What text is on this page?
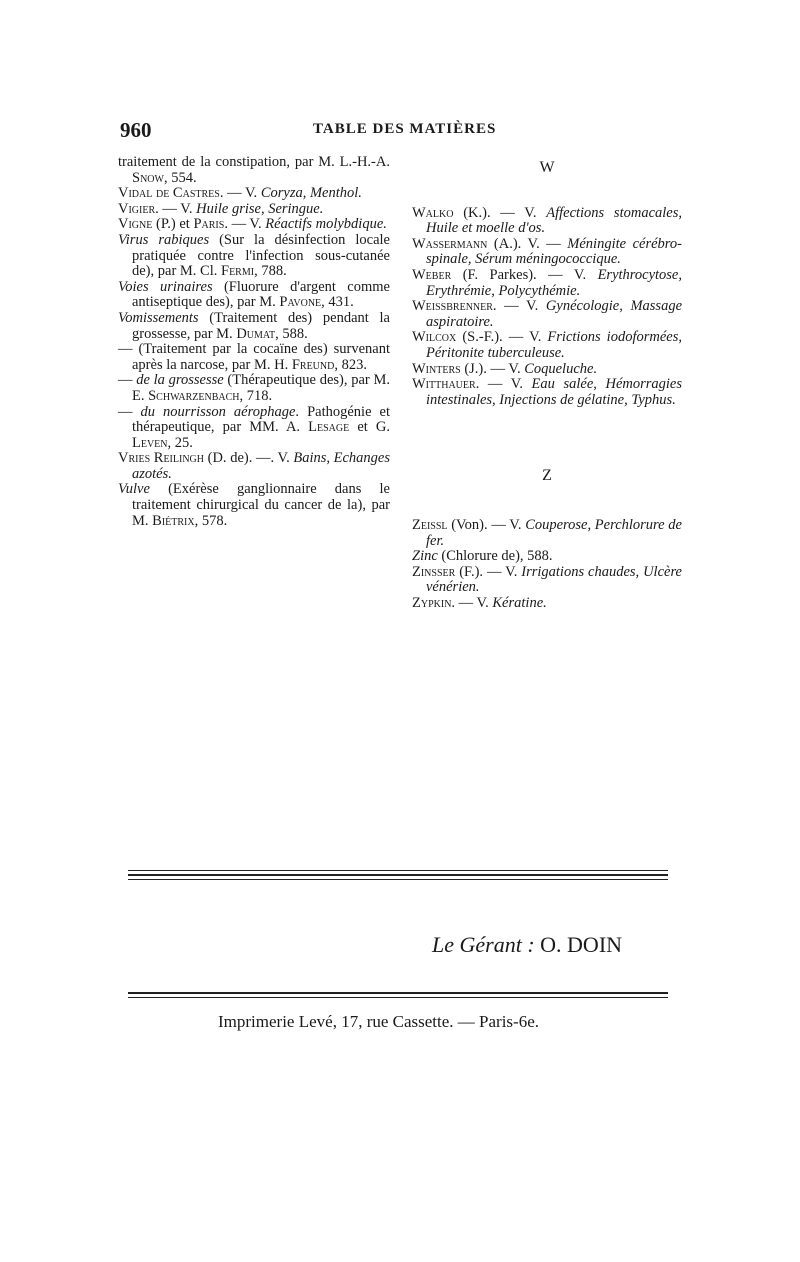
960	TABLE DES MATIÈRES

traitement de la constipation, par M. L.-H.-A. Snow, 554.

Vidal de Castres. — V. Coryza, Menthol.

Vigier. — V. Huile grise, Seringue.

Vigne (P.) et Paris. — V. Réactifs molybdique.

Virus rabiques (Sur la désinfection locale pratiquée contre l'infection sous-cutanée de), par M. Cl. Fermi, 788.

Voies urinaires (Fluorure d'argent comme antiseptique des), par M. Pavone, 431.

Vomissements (Traitement des) pendant la grossesse, par M. Dumat, 588.

— (Traitement par la cocaïne des) survenant après la narcose, par M. H. Freund, 823.

— de la grossesse (Thérapeutique des), par M. E. Schwarzenbach, 718.

— du nourrisson aérophage. Pathogénie et thérapeutique, par MM. A. Lesage et G. Leven, 25.

Vries Reilingh (D. de). —. V. Bains, Echanges azotés.

Vulve (Exérèse ganglionnaire dans le traitement chirurgical du cancer de la), par M. Biétrix, 578.

W

Walko (K.). — V. Affections stomacales, Huile et moelle d'os.

Wassermann (A.). V. — Méningite cérébro-spinale, Sérum méningococcique.

Weber (F. Parkes). — V. Erythrocytose, Erythrémie, Polycythémie.

Weissbrenner. — V. Gynécologie, Massage aspiratoire.

Wilcox (S.-F.). — V. Frictions iodoformées, Péritonite tuberculeuse.

Winters (J.). — V. Coqueluche.

Witthauer. — V. Eau salée, Hémorragies intestinales, Injections de gélatine, Typhus.

Z

Zeissl (Von). — V. Couperose, Perchlorure de fer.

Zinc (Chlorure de), 588.

Zinsser (F.). — V. Irrigations chaudes, Ulcère vénérien.

Zypkin. — V. Kératine.

Le Gérant : O. DOIN
Imprimerie Levé, 17, rue Cassette. — Paris-6e.
